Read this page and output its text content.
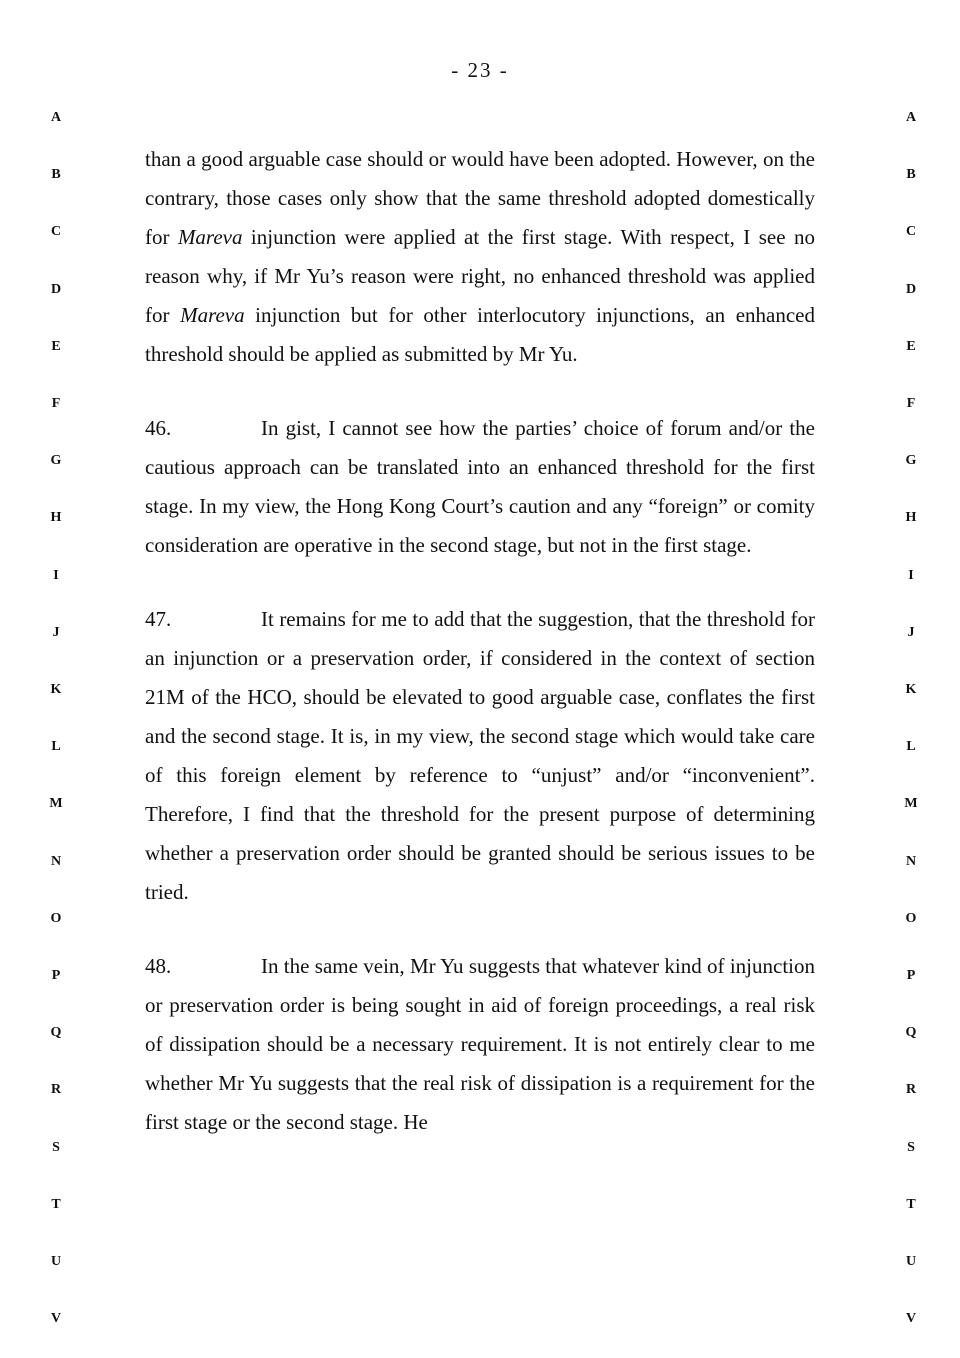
- 23 -

than a good arguable case should or would have been adopted. However, on the contrary, those cases only show that the same threshold adopted domestically for Mareva injunction were applied at the first stage. With respect, I see no reason why, if Mr Yu’s reason were right, no enhanced threshold was applied for Mareva injunction but for other interlocutory injunctions, an enhanced threshold should be applied as submitted by Mr Yu.

46.	In gist, I cannot see how the parties’ choice of forum and/or the cautious approach can be translated into an enhanced threshold for the first stage. In my view, the Hong Kong Court’s caution and any “foreign” or comity consideration are operative in the second stage, but not in the first stage.

47.	It remains for me to add that the suggestion, that the threshold for an injunction or a preservation order, if considered in the context of section 21M of the HCO, should be elevated to good arguable case, conflates the first and the second stage. It is, in my view, the second stage which would take care of this foreign element by reference to “unjust” and/or “inconvenient”. Therefore, I find that the threshold for the present purpose of determining whether a preservation order should be granted should be serious issues to be tried.

48.	In the same vein, Mr Yu suggests that whatever kind of injunction or preservation order is being sought in aid of foreign proceedings, a real risk of dissipation should be a necessary requirement. It is not entirely clear to me whether Mr Yu suggests that the real risk of dissipation is a requirement for the first stage or the second stage. He

A
B
C
D
E
F
G
H
I
J
K
L
M
N
O
P
Q
R
S
T
U
V
A
B
C
D
E
F
G
H
I
J
K
L
M
N
O
P
Q
R
S
T
U
V
